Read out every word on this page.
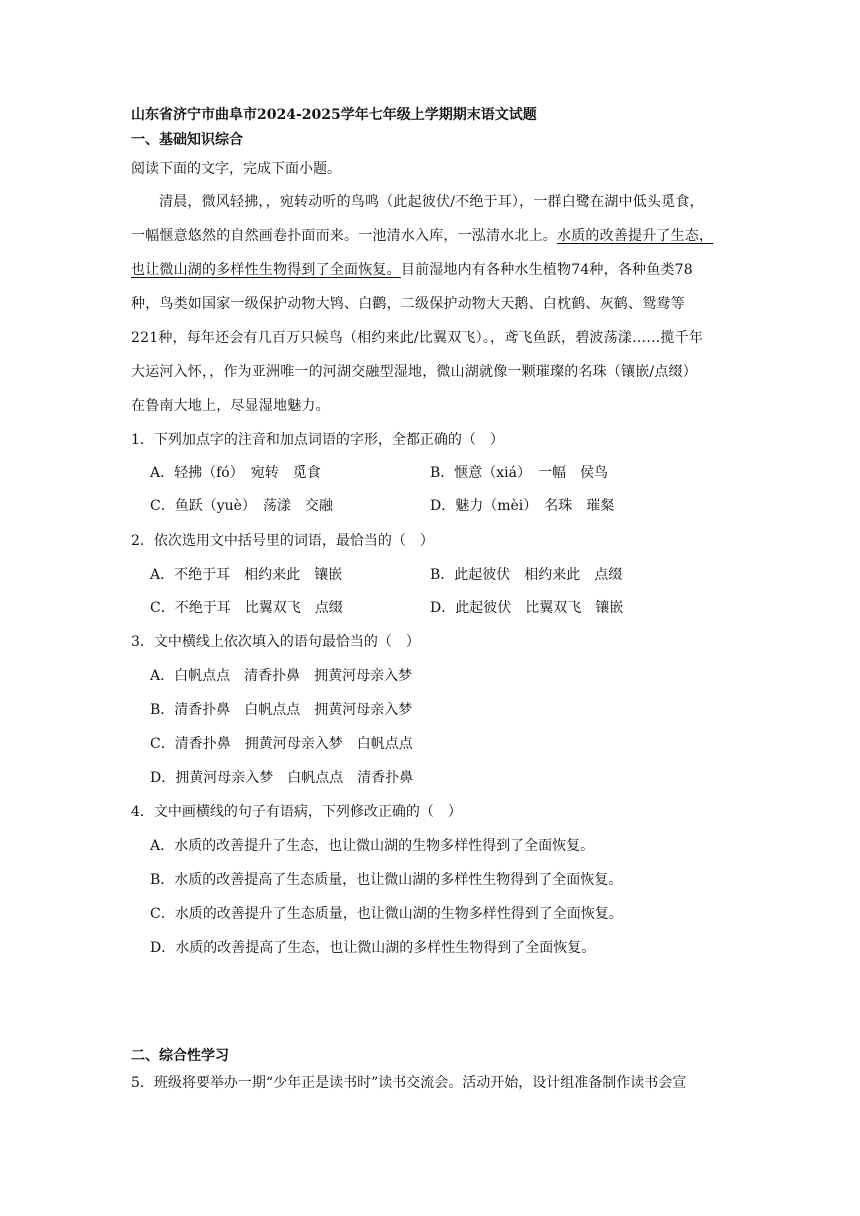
山东省济宁市曲阜市2024-2025学年七年级上学期期末语文试题
一、基础知识综合
阅读下面的文字，完成下面小题。
清晨，微风轻拂，，宛转动听的鸟鸣（此起彼伏/不绝于耳），一群白鹭在湖中低头觅食，
一幅惬意悠然的自然画卷扑面而来。一池清水入库，一泓清水北上。水质的改善提升了生态，
也让微山湖的多样性生物得到了全面恢复。目前湿地内有各种水生植物74种，各种鱼类78
种，鸟类如国家一级保护动物大鸨、白鹳，二级保护动物大天鹅、白枕鹤、灰鹤、鸳鸯等
221种，每年还会有几百万只候鸟（相约来此/比翼双飞）。，鸢飞鱼跃，碧波荡漾……揽千年
大运河入怀，，作为亚洲唯一的河湖交融型湿地，微山湖就像一颗璀璨的名珠（镶嵌/点缀）
在鲁南大地上，尽显湿地魅力。
1．下列加点字的注音和加点词语的字形，全都正确的（　）
A．轻拂（fó）　宛转　觅食	B．惬意（xiá）　一幅　侯鸟
C．鱼跃（yuè）　荡漾　交融	D．魅力（mèi）　名珠　璀粲
2．依次选用文中括号里的词语，最恰当的（　）
A．不绝于耳　相约来此　镶嵌	B．此起彼伏　相约来此　点缀
C．不绝于耳　比翼双飞　点缀	D．此起彼伏　比翼双飞　镶嵌
3．文中横线上依次填入的语句最恰当的（　）
A．白帆点点　清香扑鼻　拥黄河母亲入梦
B．清香扑鼻　白帆点点　拥黄河母亲入梦
C．清香扑鼻　拥黄河母亲入梦　白帆点点
D．拥黄河母亲入梦　白帆点点　清香扑鼻
4．文中画横线的句子有语病，下列修改正确的（　）
A．水质的改善提升了生态，也让微山湖的生物多样性得到了全面恢复。
B．水质的改善提高了生态质量，也让微山湖的多样性生物得到了全面恢复。
C．水质的改善提升了生态质量，也让微山湖的生物多样性得到了全面恢复。
D．水质的改善提高了生态，也让微山湖的多样性生物得到了全面恢复。
二、综合性学习
5．班级将要举办一期“少年正是读书时”读书交流会。活动开始，设计组准备制作读书会宣
